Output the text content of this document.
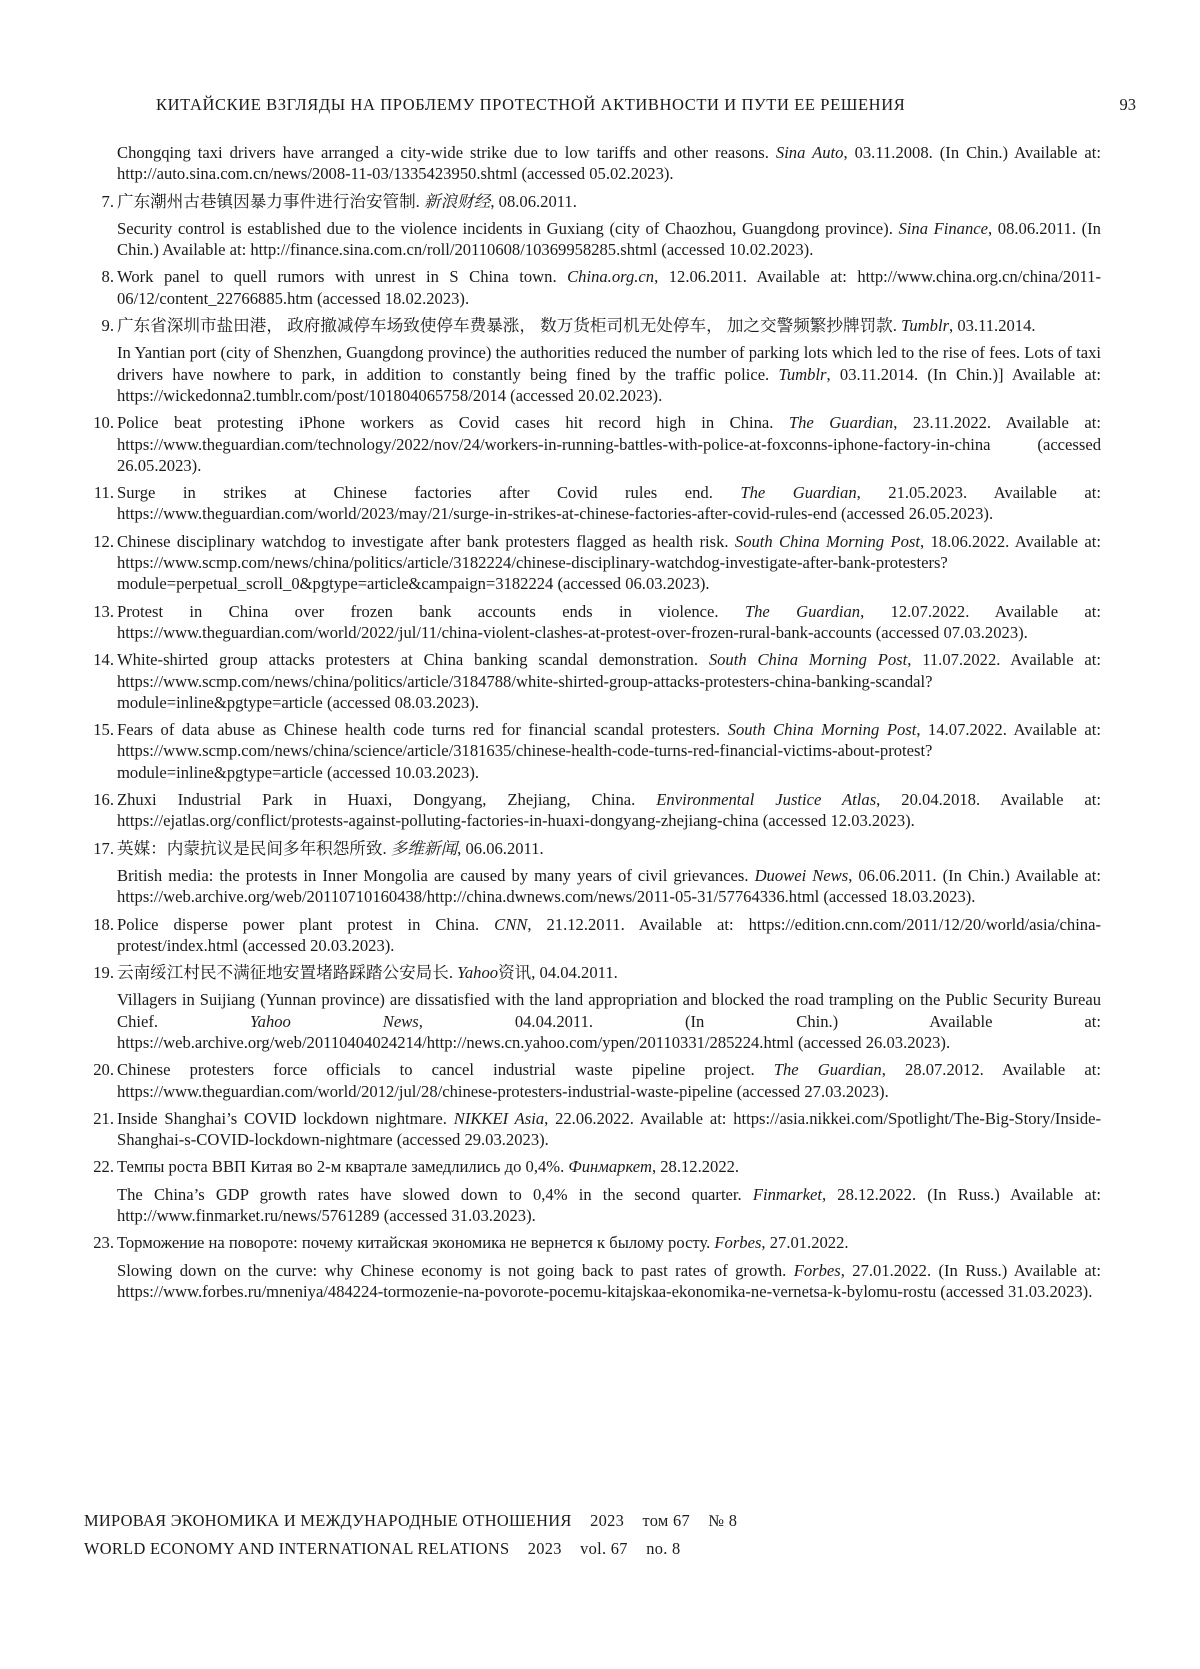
КИТАЙСКИЕ ВЗГЛЯДЫ НА ПРОБЛЕМУ ПРОТЕСТНОЙ АКТИВНОСТИ И ПУТИ ЕЕ РЕШЕНИЯ	93

Chongqing taxi drivers have arranged a city-wide strike due to low tariffs and other reasons. Sina Auto, 03.11.2008. (In Chin.) Available at: http://auto.sina.com.cn/news/2008-11-03/1335423950.shtml (accessed 05.02.2023).

7. 广东潮州古巷镇因暴力事件进行治安管制. 新浪财经, 08.06.2011.

Security control is established due to the violence incidents in Guxiang (city of Chaozhou, Guangdong province). Sina Finance, 08.06.2011. (In Chin.) Available at: http://finance.sina.com.cn/roll/20110608/10369958285.shtml (accessed 10.02.2023).

8. Work panel to quell rumors with unrest in S China town. China.org.cn, 12.06.2011. Available at: http://www.china.org.cn/china/2011-06/12/content_22766885.htm (accessed 18.02.2023).

9. 广东省深圳市盐田港， 政府撤减停车场致使停车费暴涨， 数万货柜司机无处停车， 加之交警频繁抄牌罚款. Tumblr, 03.11.2014.

In Yantian port (city of Shenzhen, Guangdong province) the authorities reduced the number of parking lots which led to the rise of fees. Lots of taxi drivers have nowhere to park, in addition to constantly being fined by the traffic police. Tumblr, 03.11.2014. (In Chin.)] Available at: https://wickedonna2.tumblr.com/post/101804065758/2014 (accessed 20.02.2023).

10. Police beat protesting iPhone workers as Covid cases hit record high in China. The Guardian, 23.11.2022. Available at: https://www.theguardian.com/technology/2022/nov/24/workers-in-running-battles-with-police-at-foxconns-iphone-factory-in-china (accessed 26.05.2023).

11. Surge in strikes at Chinese factories after Covid rules end. The Guardian, 21.05.2023. Available at: https://www.theguardian.com/world/2023/may/21/surge-in-strikes-at-chinese-factories-after-covid-rules-end (accessed 26.05.2023).

12. Chinese disciplinary watchdog to investigate after bank protesters flagged as health risk. South China Morning Post, 18.06.2022. Available at: https://www.scmp.com/news/china/politics/article/3182224/chinese-disciplinary-watchdog-investigate-after-bank-protesters?module=perpetual_scroll_0&pgtype=article&campaign=3182224 (accessed 06.03.2023).

13. Protest in China over frozen bank accounts ends in violence. The Guardian, 12.07.2022. Available at: https://www.theguardian.com/world/2022/jul/11/china-violent-clashes-at-protest-over-frozen-rural-bank-accounts (accessed 07.03.2023).

14. White-shirted group attacks protesters at China banking scandal demonstration. South China Morning Post, 11.07.2022. Available at: https://www.scmp.com/news/china/politics/article/3184788/white-shirted-group-attacks-protesters-china-banking-scandal?module=inline&pgtype=article (accessed 08.03.2023).

15. Fears of data abuse as Chinese health code turns red for financial scandal protesters. South China Morning Post, 14.07.2022. Available at: https://www.scmp.com/news/china/science/article/3181635/chinese-health-code-turns-red-financial-victims-about-protest?module=inline&pgtype=article (accessed 10.03.2023).

16. Zhuxi Industrial Park in Huaxi, Dongyang, Zhejiang, China. Environmental Justice Atlas, 20.04.2018. Available at: https://ejatlas.org/conflict/protests-against-polluting-factories-in-huaxi-dongyang-zhejiang-china (accessed 12.03.2023).

17. 英媒：内蒙抗议是民间多年积怨所致. 多维新闻, 06.06.2011.

British media: the protests in Inner Mongolia are caused by many years of civil grievances. Duowei News, 06.06.2011. (In Chin.) Available at: https://web.archive.org/web/20110710160438/http://china.dwnews.com/news/2011-05-31/57764336.html (accessed 18.03.2023).

18. Police disperse power plant protest in China. CNN, 21.12.2011. Available at: https://edition.cnn.com/2011/12/20/world/asia/china-protest/index.html (accessed 20.03.2023).

19. 云南绥江村民不满征地安置堵路踩踏公安局长. Yahoo资讯, 04.04.2011.

Villagers in Suijiang (Yunnan province) are dissatisfied with the land appropriation and blocked the road trampling on the Public Security Bureau Chief. Yahoo News, 04.04.2011. (In Chin.) Available at: https://web.archive.org/web/20110404024214/http://news.cn.yahoo.com/ypen/20110331/285224.html (accessed 26.03.2023).

20. Chinese protesters force officials to cancel industrial waste pipeline project. The Guardian, 28.07.2012. Available at: https://www.theguardian.com/world/2012/jul/28/chinese-protesters-industrial-waste-pipeline (accessed 27.03.2023).

21. Inside Shanghai’s COVID lockdown nightmare. NIKKEI Asia, 22.06.2022. Available at: https://asia.nikkei.com/Spotlight/The-Big-Story/Inside-Shanghai-s-COVID-lockdown-nightmare (accessed 29.03.2023).

22. Темпы роста ВВП Китая во 2-м квартале замедлились до 0,4%. Финмаркет, 28.12.2022.

The China’s GDP growth rates have slowed down to 0,4% in the second quarter. Finmarket, 28.12.2022. (In Russ.) Available at: http://www.finmarket.ru/news/5761289 (accessed 31.03.2023).

23. Торможение на повороте: почему китайская экономика не вернется к былому росту. Forbes, 27.01.2022.

Slowing down on the curve: why Chinese economy is not going back to past rates of growth. Forbes, 27.01.2022. (In Russ.) Available at: https://www.forbes.ru/mneniya/484224-tormozenie-na-povorote-pocemu-kitajskaa-ekonomika-ne-vernetsa-k-bylomu-rostu (accessed 31.03.2023).

МИРОВАЯ ЭКОНОМИКА И МЕЖДУНАРОДНЫЕ ОТНОШЕНИЯ 2023 том 67 № 8
WORLD ECONOMY AND INTERNATIONAL RELATIONS 2023 vol. 67 no. 8
